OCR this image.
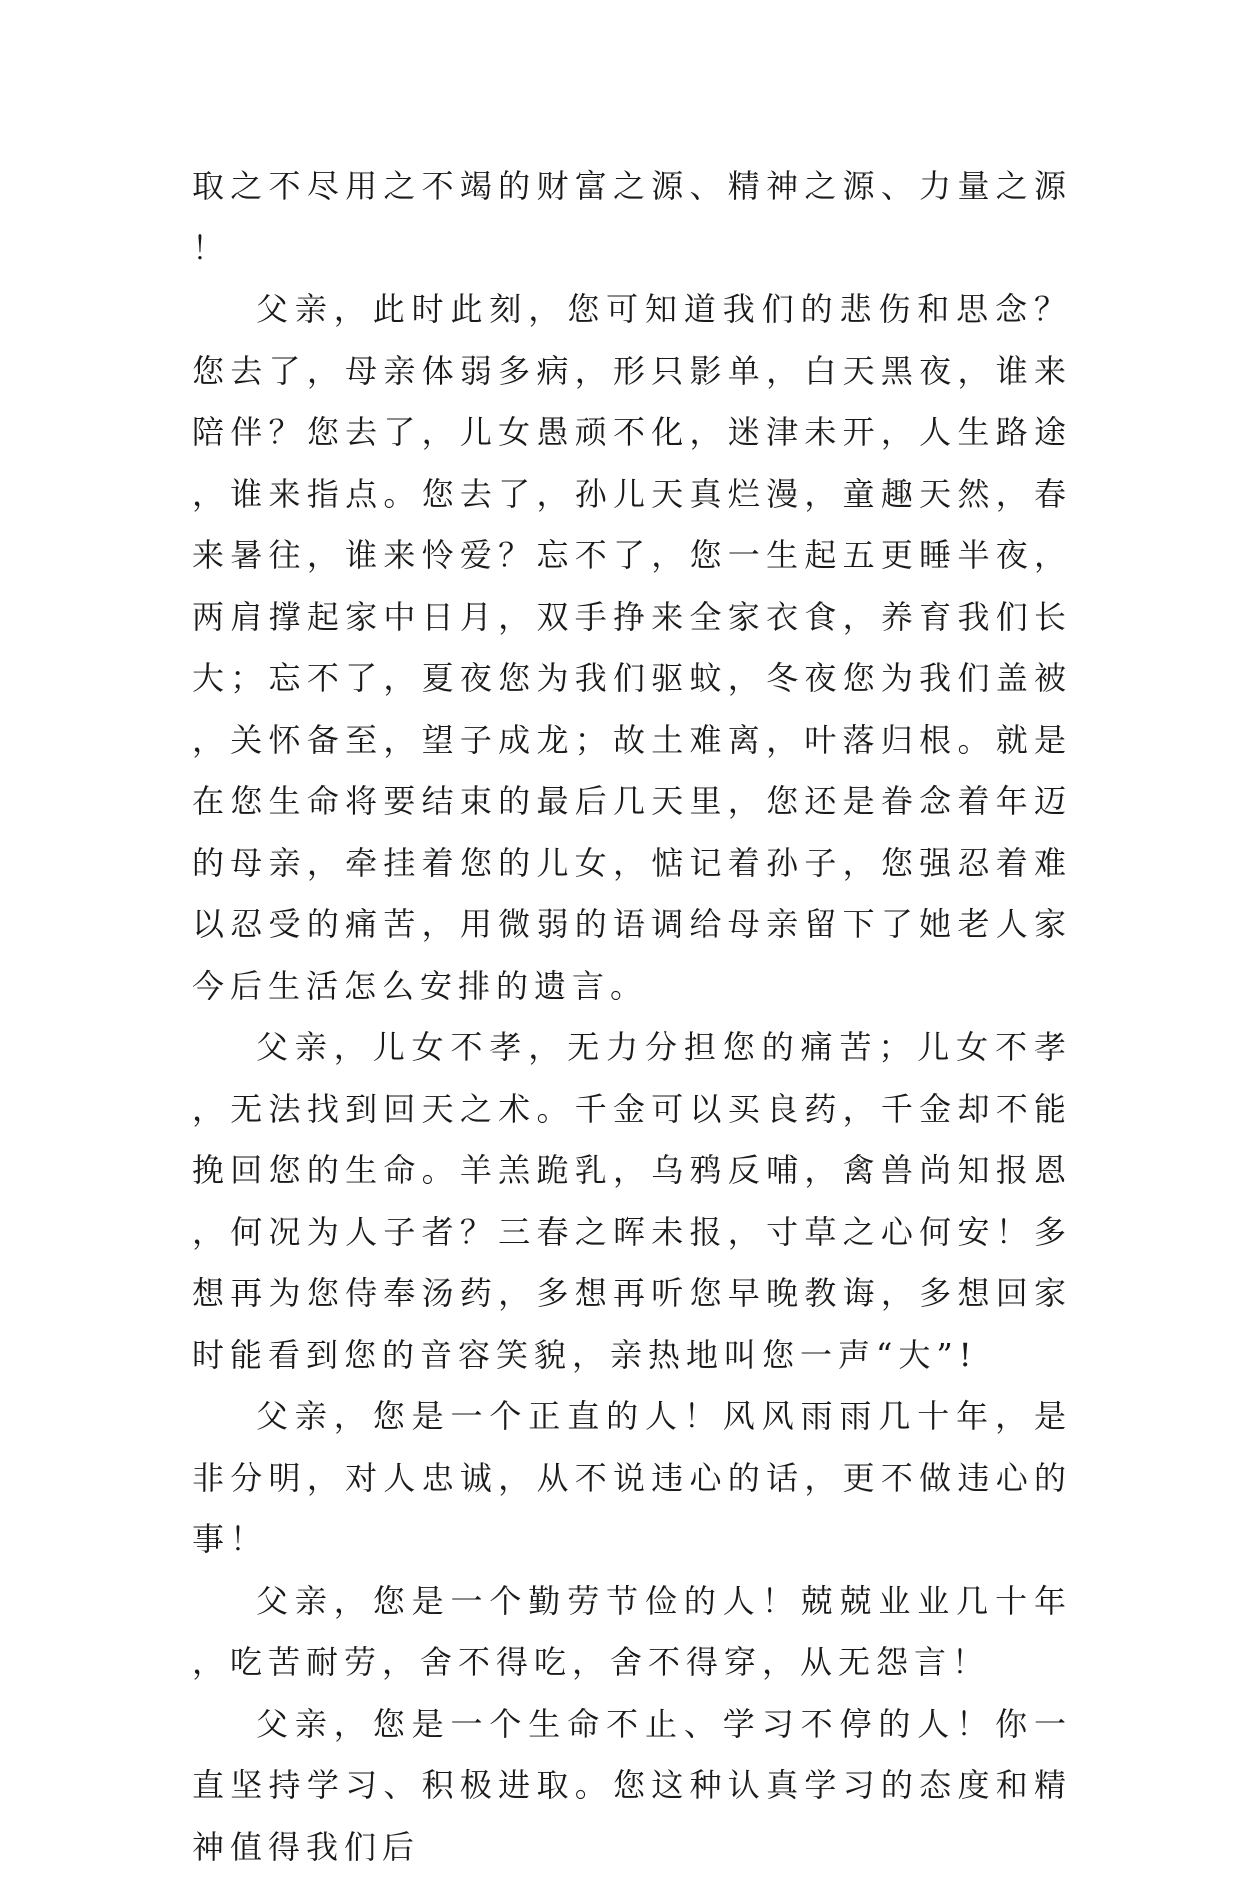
取之不尽用之不竭的财富之源、精神之源、力量之源！

父亲，此时此刻，您可知道我们的悲伤和思念？您去了，母亲体弱多病，形只影单，白天黑夜，谁来陪伴？您去了，儿女愚顽不化，迷津未开，人生路途，谁来指点。您去了，孙儿天真烂漫，童趣天然，春来暑往，谁来怜爱？忘不了，您一生起五更睡半夜，两肩撑起家中日月，双手挣来全家衣食，养育我们长大；忘不了，夏夜您为我们驱蚊，冬夜您为我们盖被，关怀备至，望子成龙；故土难离，叶落归根。就是在您生命将要结束的最后几天里，您还是眷念着年迈的母亲，牵挂着您的儿女，惦记着孙子，您强忍着难以忍受的痛苦，用微弱的语调给母亲留下了她老人家今后生活怎么安排的遗言。

父亲，儿女不孝，无力分担您的痛苦；儿女不孝，无法找到回天之术。千金可以买良药，千金却不能挽回您的生命。羊羔跪乳，乌鸦反哺，禽兽尚知报恩，何况为人子者？三春之晖未报，寸草之心何安！多想再为您侍奉汤药，多想再听您早晚教诲，多想回家时能看到您的音容笑貌，亲热地叫您一声“大”!

父亲，您是一个正直的人！风风雨雨几十年，是非分明，对人忠诚，从不说违心的话，更不做违心的事！

父亲，您是一个勤劳节俭的人！兢兢业业几十年，吃苦耐劳，舍不得吃，舍不得穿，从无怨言！

父亲，您是一个生命不止、学习不停的人！你一直坚持学习、积极进取。您这种认真学习的态度和精神值得我们后
